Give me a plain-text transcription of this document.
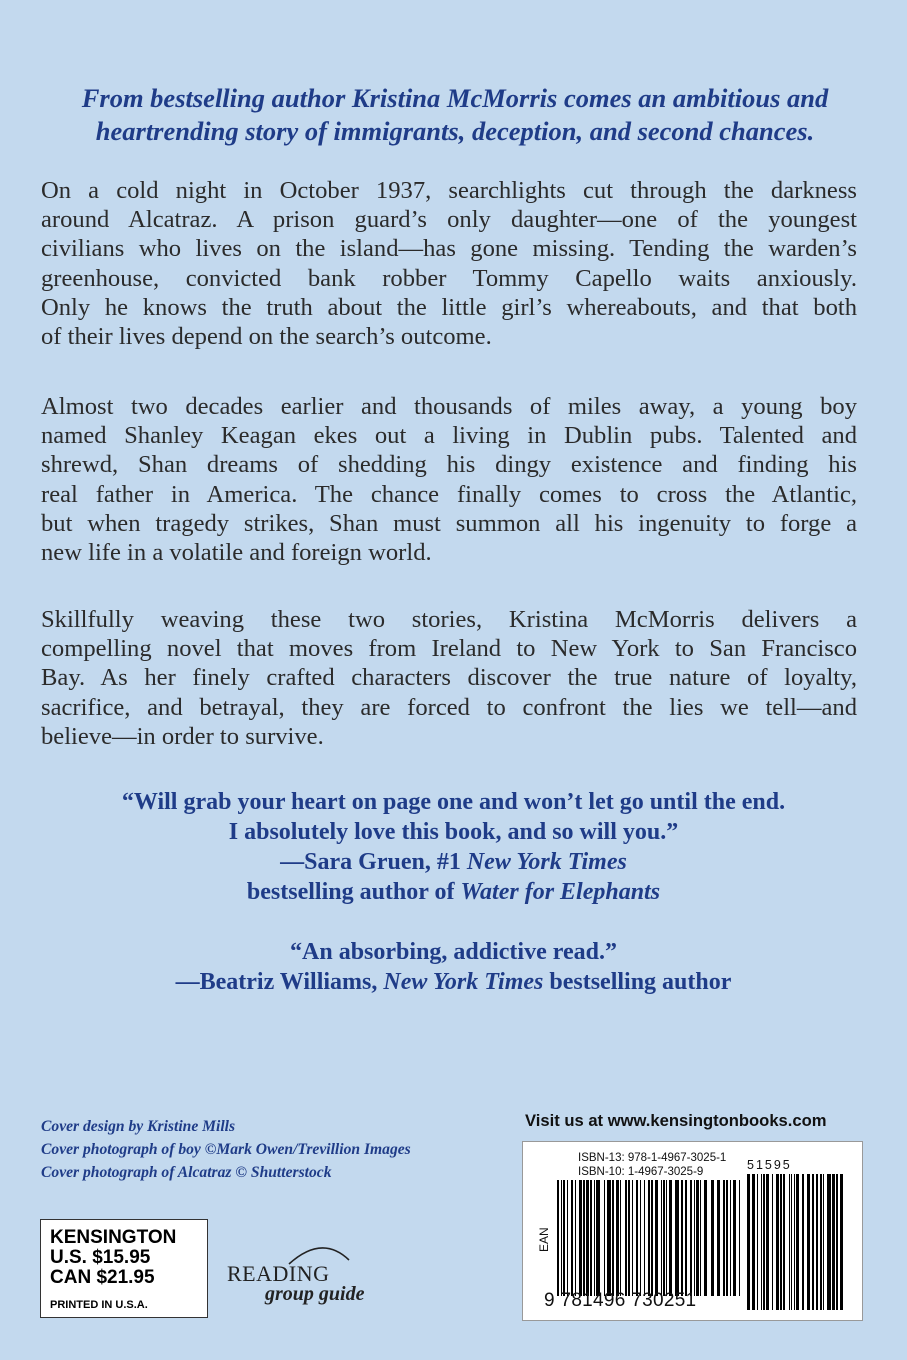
From bestselling author Kristina McMorris comes an ambitious and
heartrending story of immigrants, deception, and second chances.
On a cold night in October 1937, searchlights cut through the darkness
around Alcatraz. A prison guard’s only daughter—one of the youngest
civilians who lives on the island—has gone missing. Tending the warden’s
greenhouse, convicted bank robber Tommy Capello waits anxiously.
Only he knows the truth about the little girl’s whereabouts, and that both
of their lives depend on the search’s outcome.
Almost two decades earlier and thousands of miles away, a young boy
named Shanley Keagan ekes out a living in Dublin pubs. Talented and
shrewd, Shan dreams of shedding his dingy existence and finding his
real father in America. The chance finally comes to cross the Atlantic,
but when tragedy strikes, Shan must summon all his ingenuity to forge a
new life in a volatile and foreign world.
Skillfully weaving these two stories, Kristina McMorris delivers a
compelling novel that moves from Ireland to New York to San Francisco
Bay. As her finely crafted characters discover the true nature of loyalty,
sacrifice, and betrayal, they are forced to confront the lies we tell—and
believe—in order to survive.
“Will grab your heart on page one and won’t let go until the end.
I absolutely love this book, and so will you.”
—Sara Gruen, #1 New York Times
bestselling author of Water for Elephants
“An absorbing, addictive read.”
—Beatriz Williams, New York Times bestselling author
Cover design by Kristine Mills
Cover photograph of boy ©Mark Owen/Trevillion Images
Cover photograph of Alcatraz © Shutterstock
KENSINGTON
U.S. $15.95
CAN $21.95
PRINTED IN U.S.A.
READING
group guide
Visit us at www.kensingtonbooks.com
ISBN-13: 978-1-4967-3025-1
ISBN-10: 1-4967-3025-9
EAN
51595
9 781496 730251
